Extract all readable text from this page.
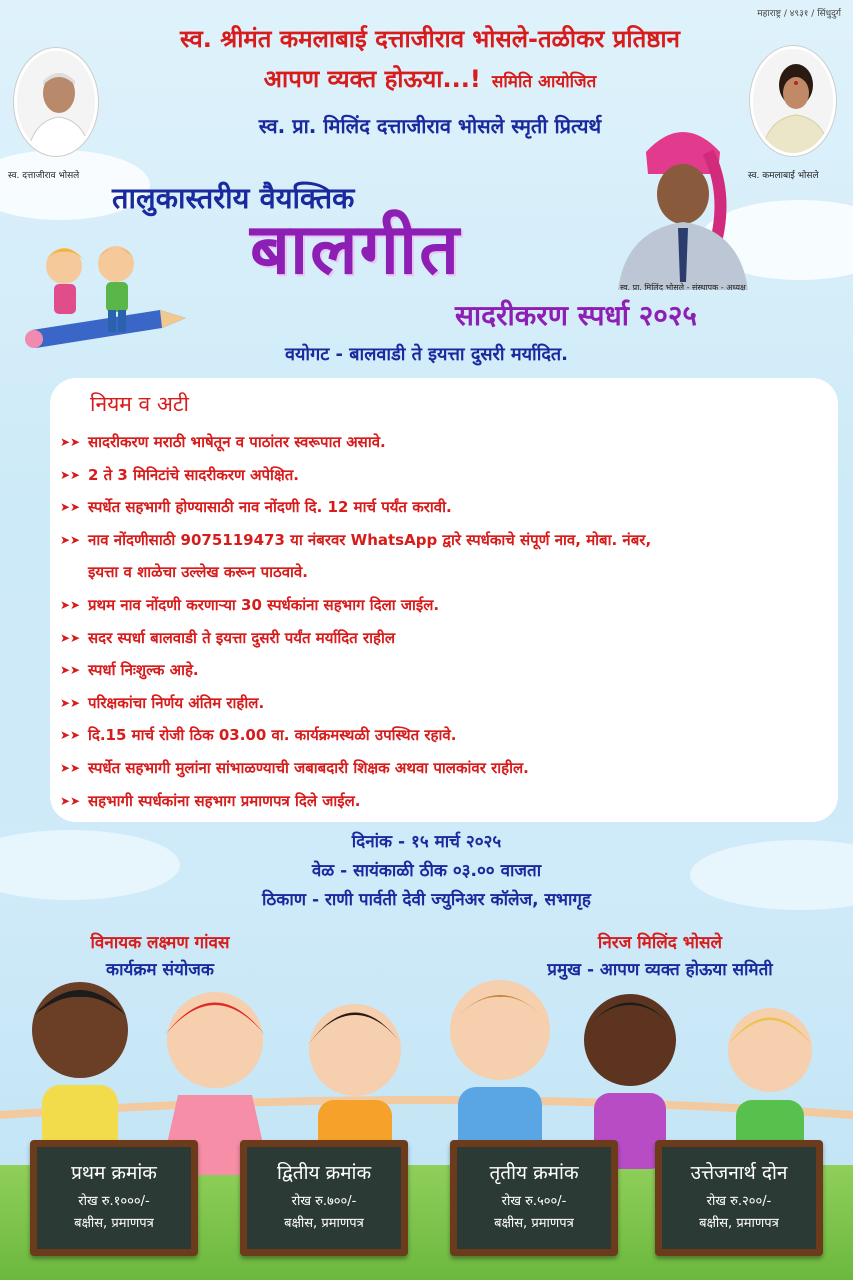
महाराष्ट्र / ४९३१ / सिंधुदुर्ग
स्व. श्रीमंत कमलाबाई दत्ताजीराव भोसले-तळीकर प्रतिष्ठान
आपण व्यक्त होऊया...! समिति आयोजित
स्व. प्रा. मिलिंद दत्ताजीराव भोसले स्मृती प्रित्यर्थ
स्व. दत्ताजीराव भोसले	स्व. कमलाबाई भोसले
तालुकास्तरीय वैयक्तिक
बालगीत
सादरीकरण स्पर्धा २०२५
स्व. प्रा. मिलिंद भोसले - संस्थापक - अध्यक्ष
वयोगट - बालवाडी ते इयत्ता दुसरी मर्यादित.
नियम व अटी
➤➤ सादरीकरण मराठी भाषेतून व पाठांतर स्वरूपात असावे.
➤➤ 2 ते 3 मिनिटांचे सादरीकरण अपेक्षित.
➤➤ स्पर्धेत सहभागी होण्यासाठी नाव नोंदणी दि. 12 मार्च पर्यंत करावी.
➤➤ नाव नोंदणीसाठी 9075119473 या नंबरवर WhatsApp द्वारे स्पर्धकाचे संपूर्ण नाव, मोबा. नंबर,
इयत्ता व शाळेचा उल्लेख करून पाठवावे.
➤➤ प्रथम नाव नोंदणी करणाऱ्या 30 स्पर्धकांना सहभाग दिला जाईल.
➤➤ सदर स्पर्धा बालवाडी ते इयत्ता दुसरी पर्यंत मर्यादित राहील
➤➤ स्पर्धा निःशुल्क आहे.
➤➤ परिक्षकांचा निर्णय अंतिम राहील.
➤➤ दि.15 मार्च रोजी ठिक 03.00 वा. कार्यक्रमस्थळी उपस्थित रहावे.
➤➤ स्पर्धेत सहभागी मुलांना सांभाळण्याची जबाबदारी शिक्षक अथवा पालकांवर राहील.
➤➤ सहभागी स्पर्धकांना सहभाग प्रमाणपत्र दिले जाईल.
दिनांक - १५ मार्च २०२५
वेळ - सायंकाळी ठीक ०३.०० वाजता
ठिकाण - राणी पार्वती देवी ज्युनिअर कॉलेज, सभागृह
विनायक लक्ष्मण गांवस
कार्यक्रम संयोजक
निरज मिलिंद भोसले
प्रमुख - आपण व्यक्त होऊया समिती
प्रथम क्रमांक
रोख रु.१०००/-
बक्षीस, प्रमाणपत्र
द्वितीय क्रमांक
रोख रु.७००/-
बक्षीस, प्रमाणपत्र
तृतीय क्रमांक
रोख रु.५००/-
बक्षीस, प्रमाणपत्र
उत्तेजनार्थ दोन
रोख रु.२००/-
बक्षीस, प्रमाणपत्र
